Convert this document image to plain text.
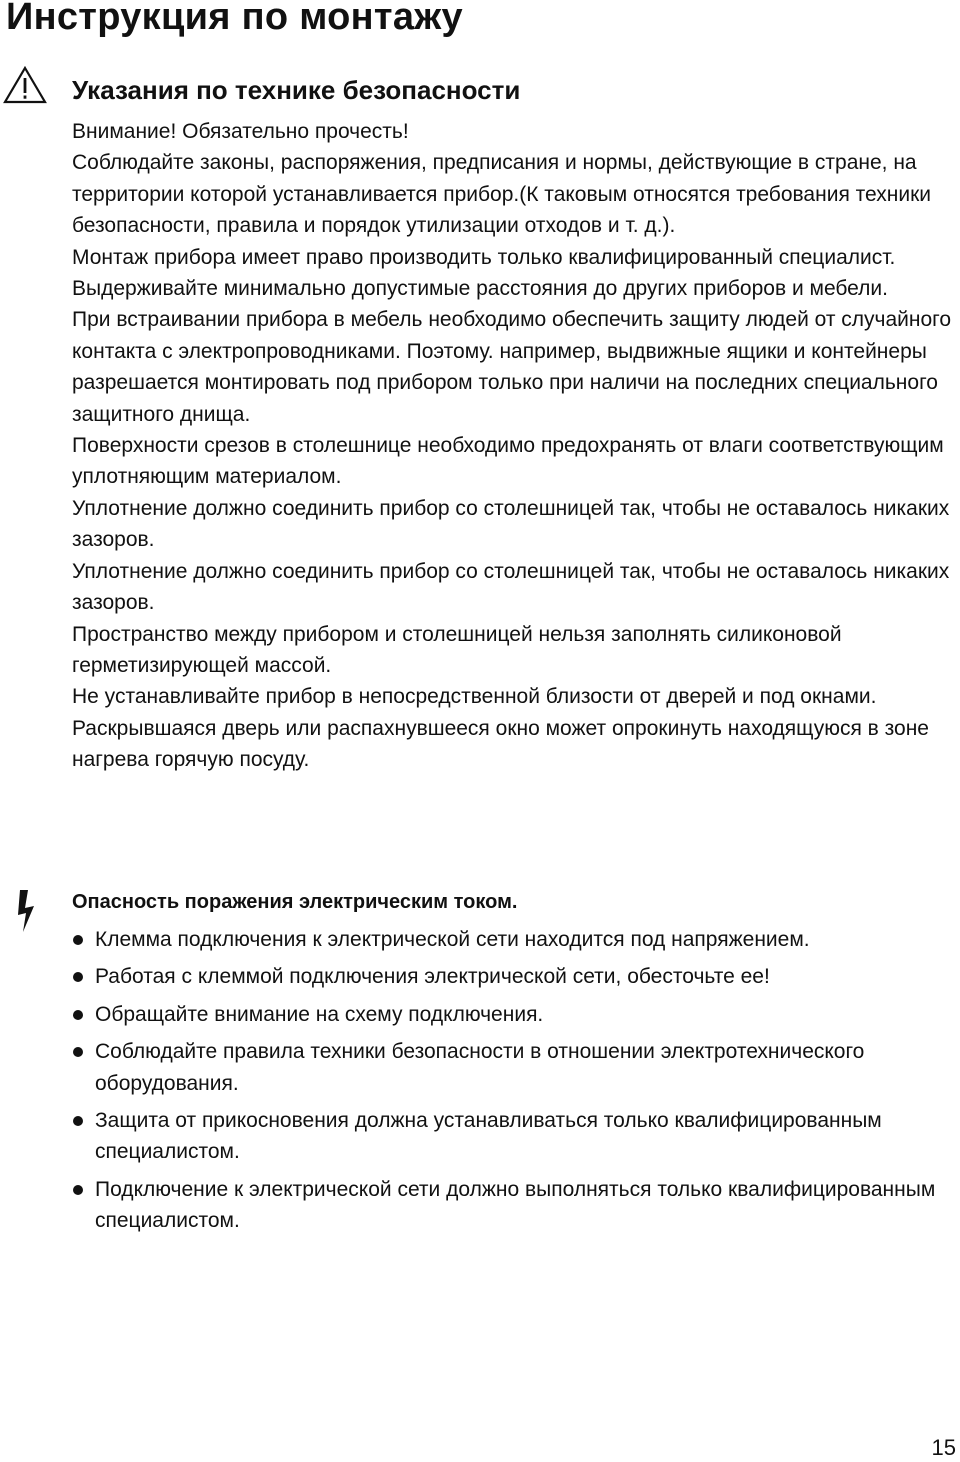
Инструкция по монтажу
Указания по технике безопасности

Внимание! Обязательно прочесть!

Соблюдайте законы, распоряжения, предписания и нормы, действующие в стране, на территории которой устанавливается прибор.(К таковым относятся требования техники безопасности, правила и порядок утилизации отходов и т. д.).

Монтаж прибора имеет право производить только квалифицированный специалист.

Выдерживайте минимально допустимые расстояния до других приборов и мебели.

При встраивании прибора в мебель необходимо обеспечить защиту людей от случайного контакта с электропроводниками. Поэтому. например, выдвижные ящики и контейнеры разрешается монтировать под прибором только при наличи на последних специального защитного днища.

Поверхности срезов в столешнице необходимо предохранять от влаги соответствующим уплотняющим материалом.

Уплотнение должно соединить прибор со столешницей так, чтобы не оставалось никаких зазоров.

Уплотнение должно соединить прибор со столешницей так, чтобы не оставалось никаких зазоров.

Пространство между прибором и столешницей нельзя заполнять силиконовой герметизирующей массой.

Не устанавливайте прибор в непосредственной близости от дверей и под окнами. Раскрывшаяся дверь или распахнувшееся окно может опрокинуть находящуюся в зоне нагрева горячую посуду.

Опасность поражения электрическим током.
Клемма подключения к электрической сети находится под напряжением.
Работая с клеммой подключения электрической сети, обесточьте ее!
Обращайте внимание на схему подключения.
Соблюдайте правила техники безопасности в отношении электротехнического оборудования.
Защита от прикосновения должна устанавливаться только квалифицированным специалистом.
Подключение к электрической сети должно выполняться только квалифицированным специалистом.
15
